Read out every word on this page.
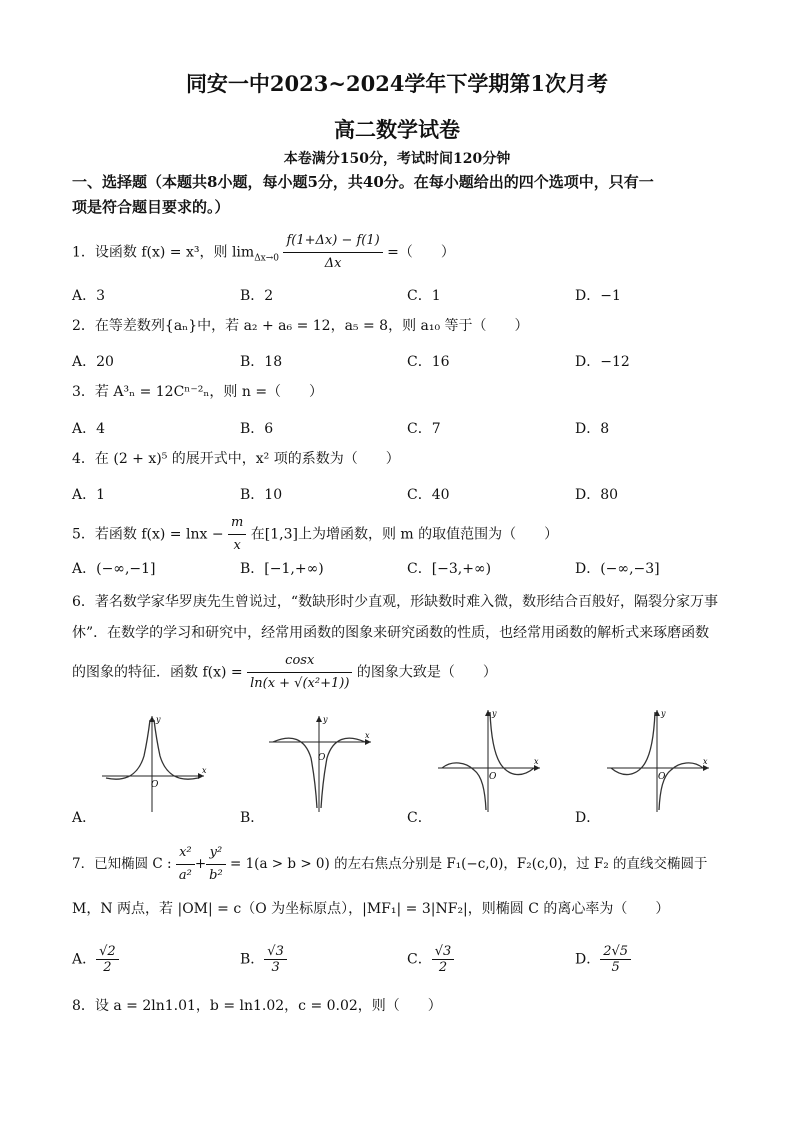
同安一中2023~2024学年下学期第1次月考
高二数学试卷
本卷满分150分，考试时间120分钟
一、选择题（本题共8小题，每小题5分，共40分。在每小题给出的四个选项中，只有一
项是符合题目要求的。）
1．设函数 f(x) = x³，则 $\lim_{\Delta x\to 0} \frac{f(1+\Delta x) - f(1)}{\Delta x}$ =（　　）
A．3	B．2	C．1	D．−1
2．在等差数列{aₙ}中，若 a₂ + a₆ = 12，a₅ = 8，则 a₁₀ 等于（　　）
A．20	B．18	C．16	D．−12
3．若 A³ₙ = 12Cⁿ⁻²ₙ，则 n =（　　）
A．4	B．6	C．7	D．8
4．在 (2 + x)⁵ 的展开式中，x² 项的系数为（　　）
A．1	B．10	C．40	D．80
5．若函数 $f(x) = \ln x - \frac{m}{x}$ 在[1,3]上为增函数，则 m 的取值范围为（　　）
A．(−∞,−1]	B．[−1,+∞)	C．[−3,+∞)	D．(−∞,−3]
6．著名数学家华罗庚先生曾说过，“数缺形时少直观，形缺数时难入微，数形结合百般好，隔裂分家万事
休”．在数学的学习和研究中，经常用函数的图象来研究函数的性质，也经常用函数的解析式来琢磨函数
的图象的特征．函数 $f(x) = \frac{\cos x}{\text{ln(x + √(x²+1))}}$ 的图象大致是（　　）
x
y
O
x
y
O	x
y
O
x
y
O
A．	B．	C．	D．
7．已知椭圆 C : $\frac{\text{x²}}{\text{a²}} + \frac{\text{y²}}{\text{b²}} = 1(a > b > 0)$ 的左右焦点分别是 F₁(−c,0)，F₂(c,0)，过 F₂ 的直线交椭圆于
M，N 两点，若 |OM| = c（O 为坐标原点），|MF₁| = 3|NF₂|，则椭圆 C 的离心率为（　　）
A． $\frac{√2}{2}$	B． $\frac{√3}{3}$	C． $\frac{√3}{2}$	D． $\frac{2√5}{5}$
8．设 a = 2ln1.01，b = ln1.02，c = 0.02，则（　　）
